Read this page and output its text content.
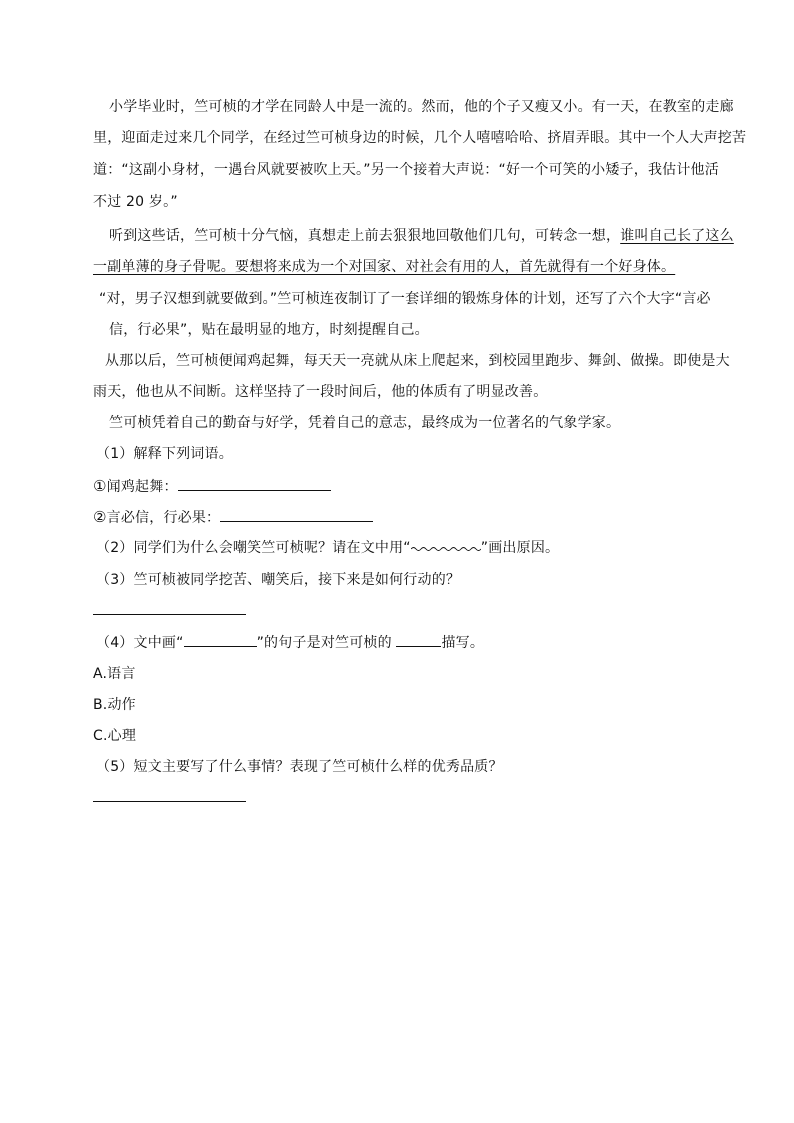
小学毕业时，竺可桢的才学在同龄人中是一流的。然而，他的个子又瘦又小。有一天，在教室的走廊
里，迎面走过来几个同学，在经过竺可桢身边的时候，几个人嘻嘻哈哈、挤眉弄眼。其中一个人大声挖苦
道：“这副小身材，一遇台风就要被吹上天。”另一个接着大声说：“好一个可笑的小矮子，我估计他活
不过 20 岁。”
听到这些话，竺可桢十分气恼，真想走上前去狠狠地回敬他们几句，可转念一想，谁叫自己长了这么
一副单薄的身子骨呢。要想将来成为一个对国家、对社会有用的人，首先就得有一个好身体。
“对，男子汉想到就要做到。”竺可桢连夜制订了一套详细的锻炼身体的计划，还写了六个大字“言必
信，行必果”，贴在最明显的地方，时刻提醒自己。
从那以后，竺可桢便闻鸡起舞，每天天一亮就从床上爬起来，到校园里跑步、舞剑、做操。即使是大
雨天，他也从不间断。这样坚持了一段时间后，他的体质有了明显改善。
竺可桢凭着自己的勤奋与好学，凭着自己的意志，最终成为一位著名的气象学家。
（1）解释下列词语。
①闻鸡起舞：
②言必信，行必果：
（2）同学们为什么会嘲笑竺可桢呢？请在文中用“	”画出原因。
（3）竺可桢被同学挖苦、嘲笑后，接下来是如何行动的？
（4）文中画“	”的句子是对竺可桢的	描写。
A.语言
B.动作
C.心理
（5）短文主要写了什么事情？表现了竺可桢什么样的优秀品质？
